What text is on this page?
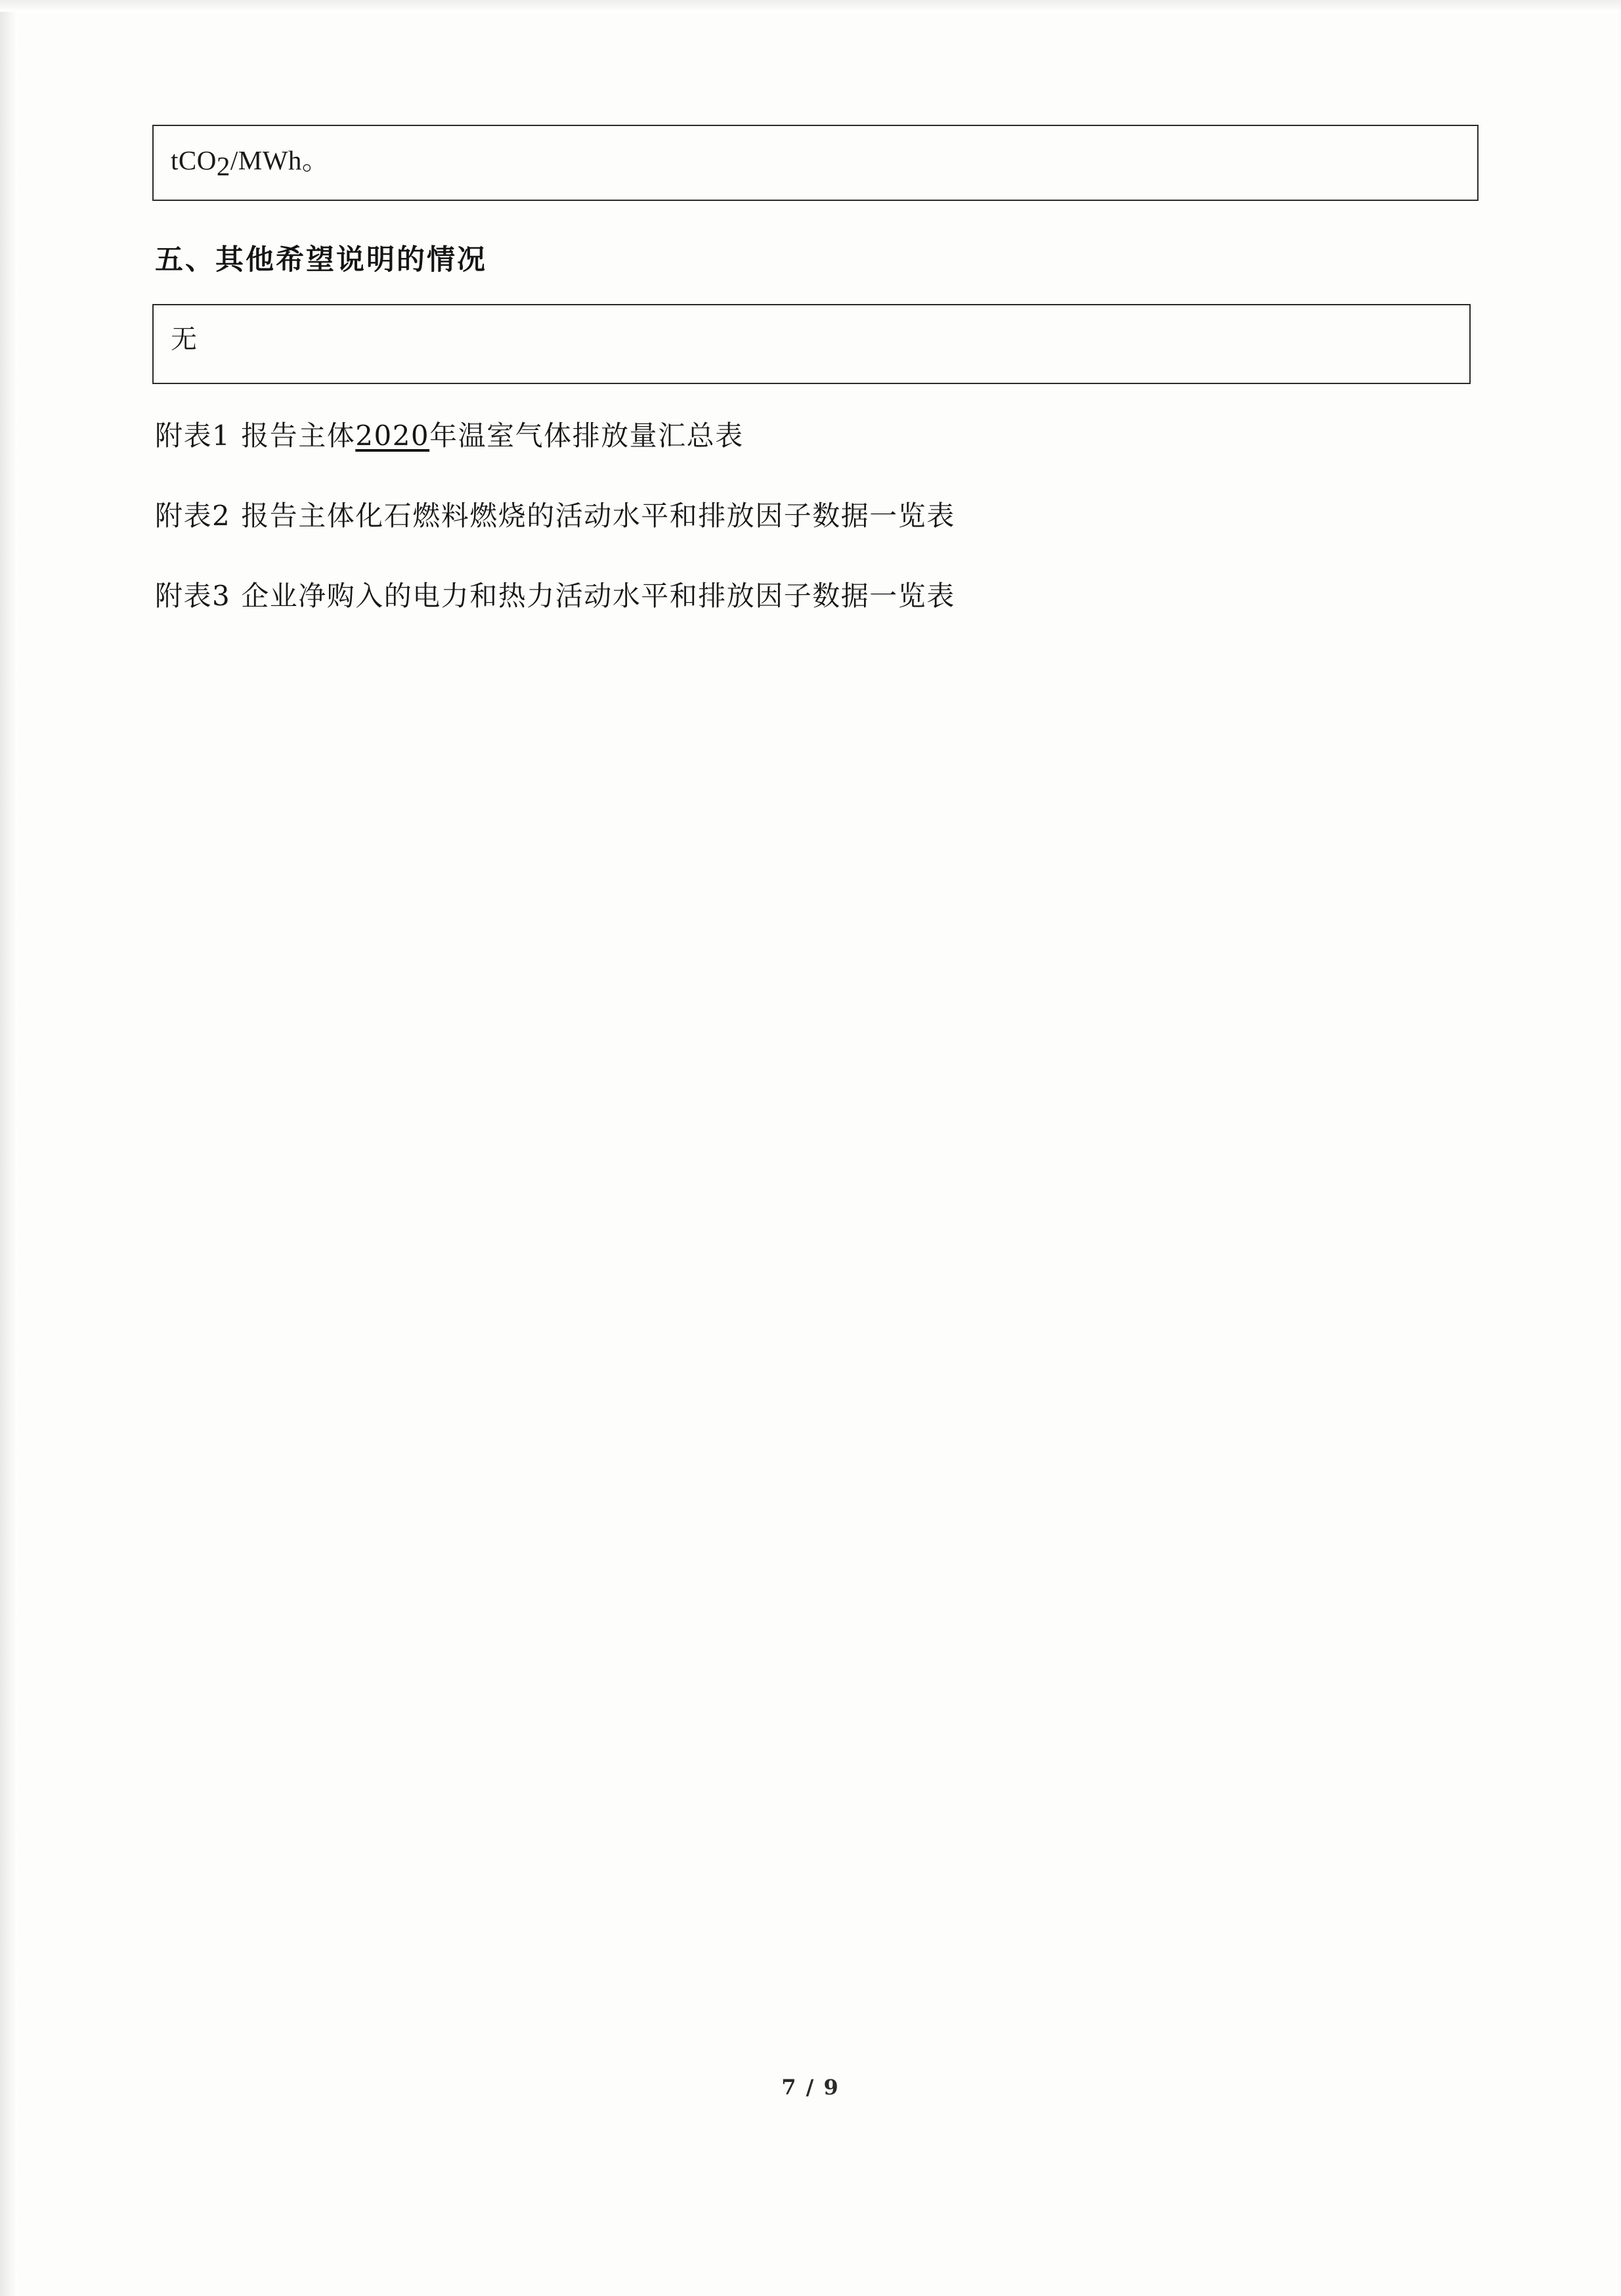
tCO$_2$/MWh。
五、其他希望说明的情况
无
附表1 报告主体2020年温室气体排放量汇总表
附表2 报告主体化石燃料燃烧的活动水平和排放因子数据一览表
附表3 企业净购入的电力和热力活动水平和排放因子数据一览表
7 / 9
